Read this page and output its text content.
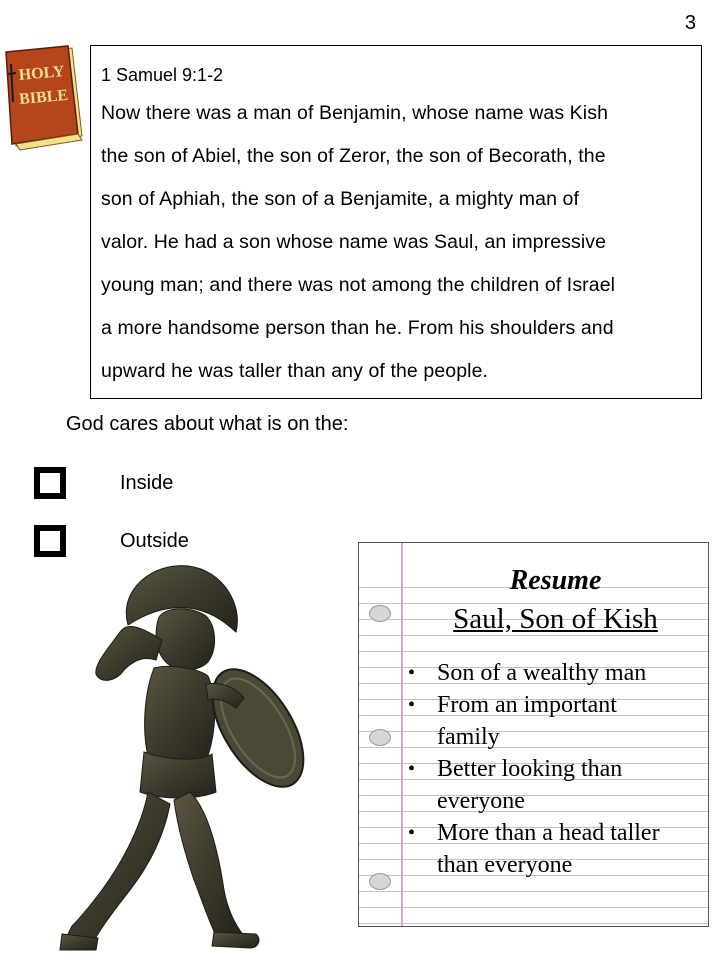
3
HOLY
BIBLE

1 Samuel 9:1-2

Now there was a man of Benjamin, whose name was Kish
the son of Abiel, the son of Zeror, the son of Becorath, the
son of Aphiah, the son of a Benjamite, a mighty man of
valor. He had a son whose name was Saul, an impressive
young man; and there was not among the children of Israel
a more handsome person than he. From his shoulders and
upward he was taller than any of the people.

God cares about what is on the:
Inside
Outside
Resume
Saul, Son of Kish
• Son of a wealthy man
• From an important
family
• Better looking than
everyone
• More than a head taller
than everyone
